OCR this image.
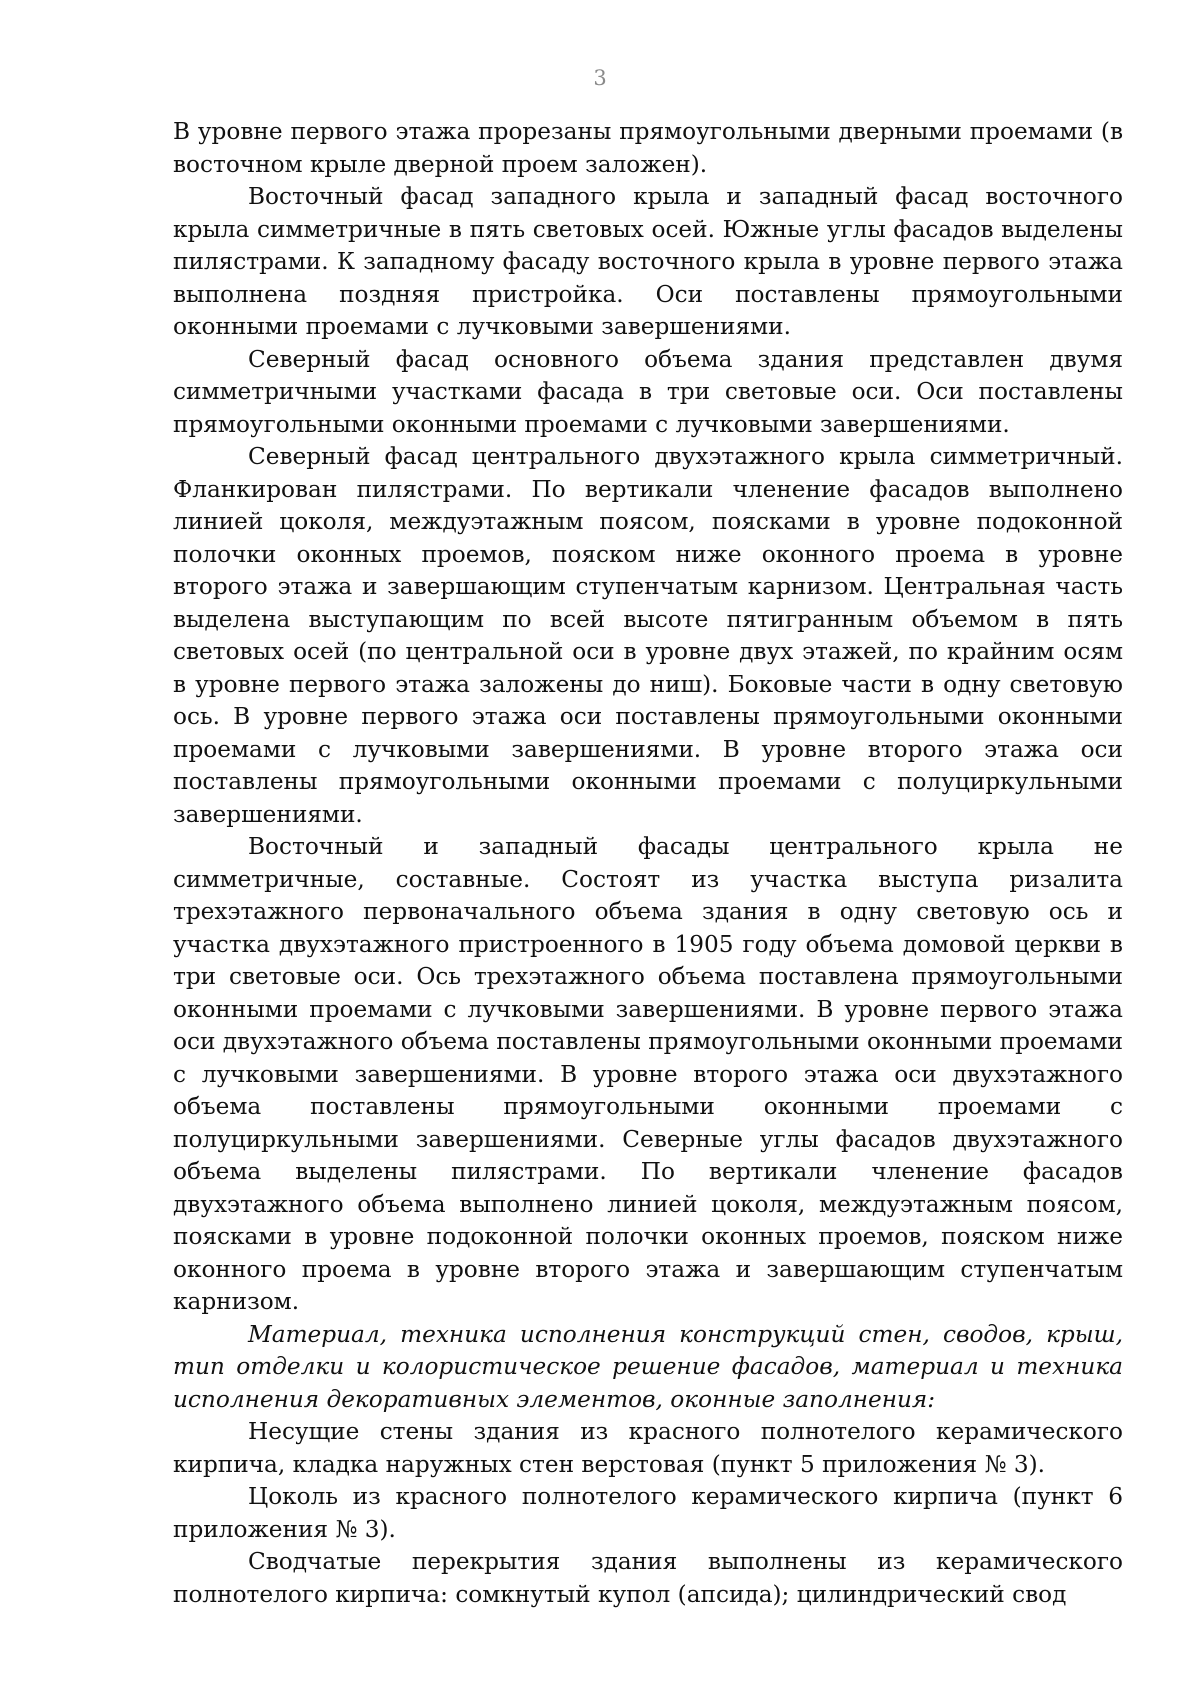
3

В уровне первого этажа прорезаны прямоугольными дверными проемами (в восточном крыле дверной проем заложен).

Восточный фасад западного крыла и западный фасад восточного крыла симметричные в пять световых осей. Южные углы фасадов выделены пилястрами. К западному фасаду восточного крыла в уровне первого этажа выполнена поздняя пристройка. Оси поставлены прямоугольными оконными проемами с лучковыми завершениями.

Северный фасад основного объема здания представлен двумя симметричными участками фасада в три световые оси. Оси поставлены прямоугольными оконными проемами с лучковыми завершениями.

Северный фасад центрального двухэтажного крыла симметричный. Фланкирован пилястрами. По вертикали членение фасадов выполнено линией цоколя, междуэтажным поясом, поясками в уровне подоконной полочки оконных проемов, пояском ниже оконного проема в уровне второго этажа и завершающим ступенчатым карнизом. Центральная часть выделена выступающим по всей высоте пятигранным объемом в пять световых осей (по центральной оси в уровне двух этажей, по крайним осям в уровне первого этажа заложены до ниш). Боковые части в одну световую ось. В уровне первого этажа оси поставлены прямоугольными оконными проемами с лучковыми завершениями. В уровне второго этажа оси поставлены прямоугольными оконными проемами с полуциркульными завершениями.

Восточный и западный фасады центрального крыла не симметричные, составные. Состоят из участка выступа ризалита трехэтажного первоначального объема здания в одну световую ось и участка двухэтажного пристроенного в 1905 году объема домовой церкви в три световые оси. Ось трехэтажного объема поставлена прямоугольными оконными проемами с лучковыми завершениями. В уровне первого этажа оси двухэтажного объема поставлены прямоугольными оконными проемами с лучковыми завершениями. В уровне второго этажа оси двухэтажного объема поставлены прямоугольными оконными проемами с полуциркульными завершениями. Северные углы фасадов двухэтажного объема выделены пилястрами. По вертикали членение фасадов двухэтажного объема выполнено линией цоколя, междуэтажным поясом, поясками в уровне подоконной полочки оконных проемов, пояском ниже оконного проема в уровне второго этажа и завершающим ступенчатым карнизом.

Материал, техника исполнения конструкций стен, сводов, крыш, тип отделки и колористическое решение фасадов, материал и техника исполнения декоративных элементов, оконные заполнения:

Несущие стены здания из красного полнотелого керамического кирпича, кладка наружных стен верстовая (пункт 5 приложения № 3).

Цоколь из красного полнотелого керамического кирпича (пункт 6 приложения № 3).

Сводчатые перекрытия здания выполнены из керамического полнотелого кирпича: сомкнутый купол (апсида); цилиндрический свод
